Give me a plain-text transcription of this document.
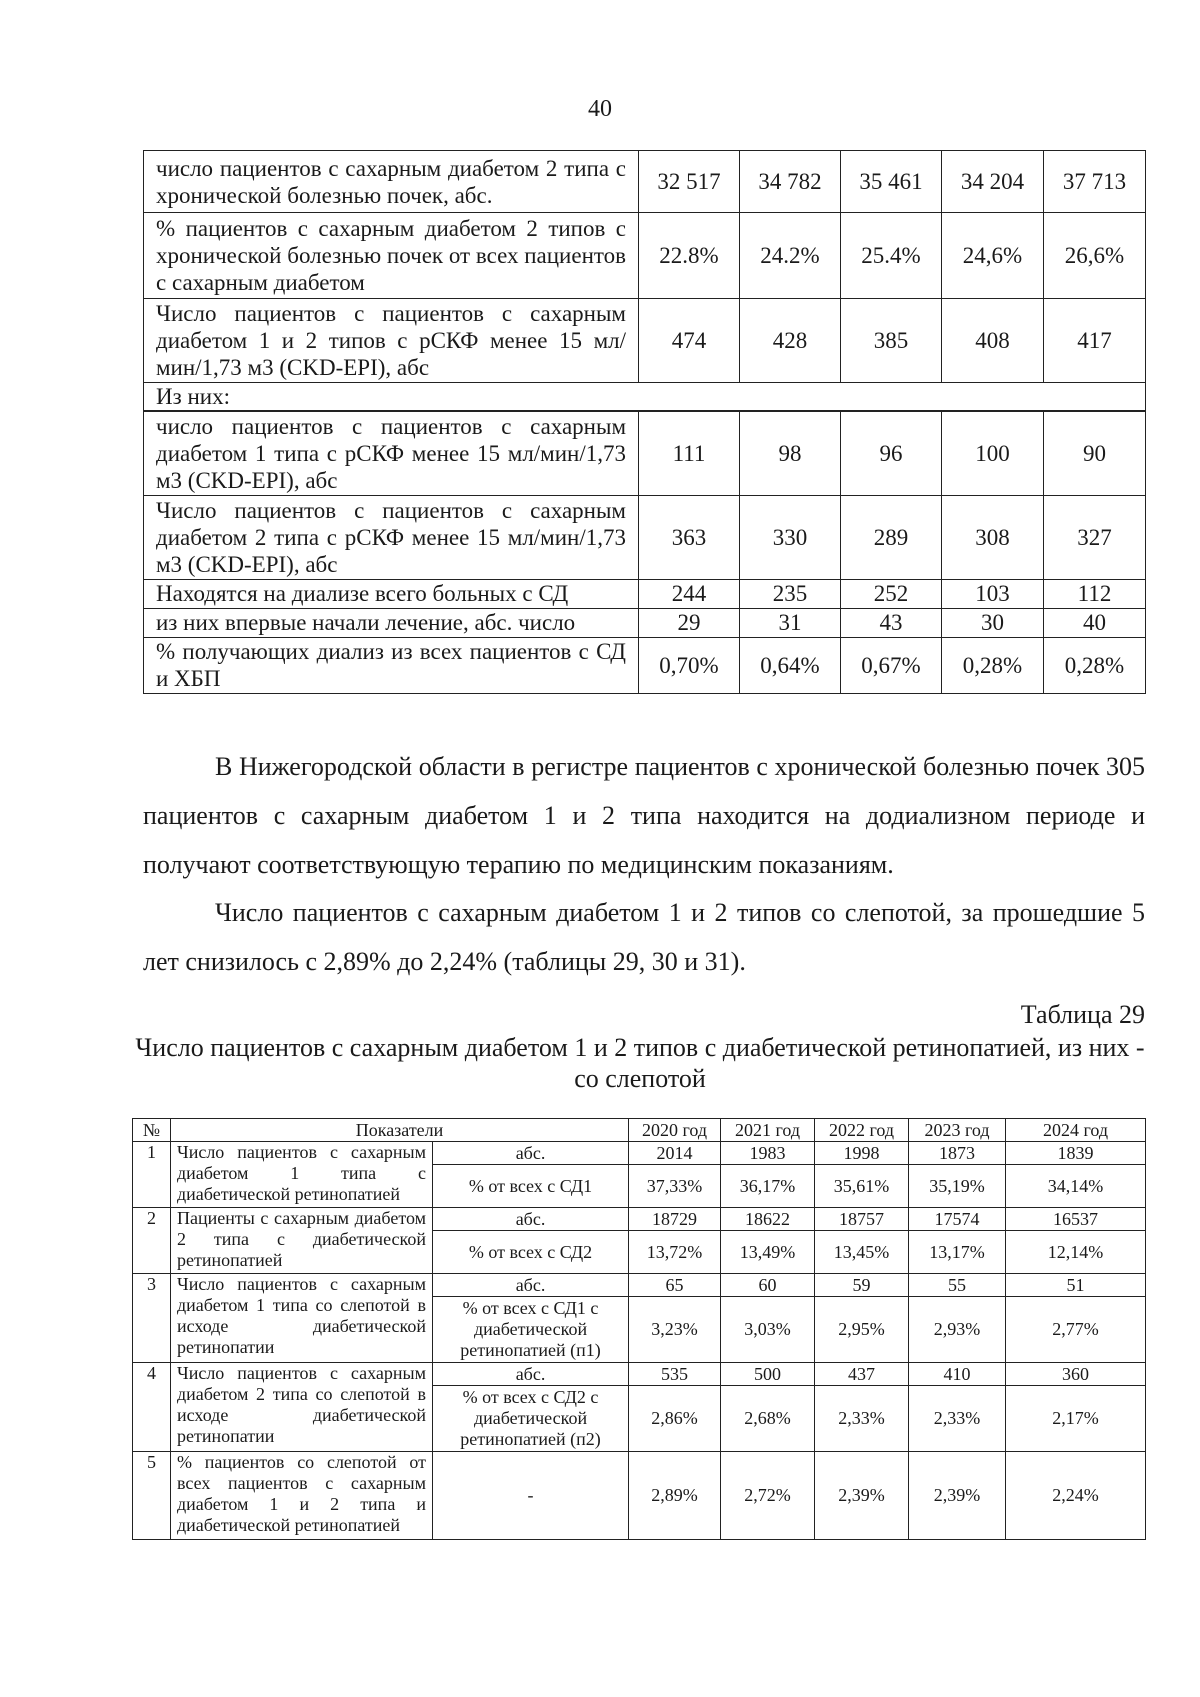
40
число пациентов с сахарным диабетом 2 типа с хронической болезнью почек, абс.	32 517	34 782	35 461	34 204	37 713
% пациентов с сахарным диабетом 2 типов с хронической болезнью почек от всех пациентов с сахарным диабетом	22.8%	24.2%	25.4%	24,6%	26,6%
Число пациентов с пациентов с сахарным диабетом 1 и 2 типов с рСКФ менее 15 мл/мин/1,73 м3 (CKD-EPI), абс	474	428	385	408	417
Из них:					
число пациентов с пациентов с сахарным диабетом 1 типа с рСКФ менее 15 мл/мин/1,73 м3 (CKD-EPI), абс	111	98	96	100	90
Число пациентов с пациентов с сахарным диабетом 2 типа с рСКФ менее 15 мл/мин/1,73 м3 (CKD-EPI), абс	363	330	289	308	327
Находятся на диализе всего больных с СД	244	235	252	103	112
из них впервые начали лечение, абс. число	29	31	43	30	40
% получающих диализ из всех пациентов с СД и ХБП	0,70%	0,64%	0,67%	0,28%	0,28%

В Нижегородской области в регистре пациентов с хронической болезнью почек 305 пациентов с сахарным диабетом 1 и 2 типа находится на додиализном периоде и получают соответствующую терапию по медицинским показаниям.

Число пациентов с сахарным диабетом 1 и 2 типов со слепотой, за прошедшие 5 лет снизилось с 2,89% до 2,24% (таблицы 29, 30 и 31).

Таблица 29
Число пациентов с сахарным диабетом 1 и 2 типов с диабетической ретинопатией, из них - со слепотой
№	Показатели		2020 год	2021 год	2022 год	2023 год	2024 год
1	Число пациентов с сахарным диабетом 1 типа с диабетической ретинопатией	абс.	2014	1983	1998	1873	1839
		% от всех с СД1	37,33%	36,17%	35,61%	35,19%	34,14%
2	Пациенты с сахарным диабетом 2 типа с диабетической ретинопатией	абс.	18729	18622	18757	17574	16537
		% от всех с СД2	13,72%	13,49%	13,45%	13,17%	12,14%
3	Число пациентов с сахарным диабетом 1 типа со слепотой в исходе диабетической ретинопатии	абс.	65	60	59	55	51
		% от всех с СД1 с диабетической ретинопатией (п1)	3,23%	3,03%	2,95%	2,93%	2,77%
4	Число пациентов с сахарным диабетом 2 типа со слепотой в исходе диабетической ретинопатии	абс.	535	500	437	410	360
		% от всех с СД2 с диабетической ретинопатией (п2)	2,86%	2,68%	2,33%	2,33%	2,17%
5	% пациентов со слепотой от всех пациентов с сахарным диабетом 1 и 2 типа и диабетической ретинопатией	-	2,89%	2,72%	2,39%	2,39%	2,24%
